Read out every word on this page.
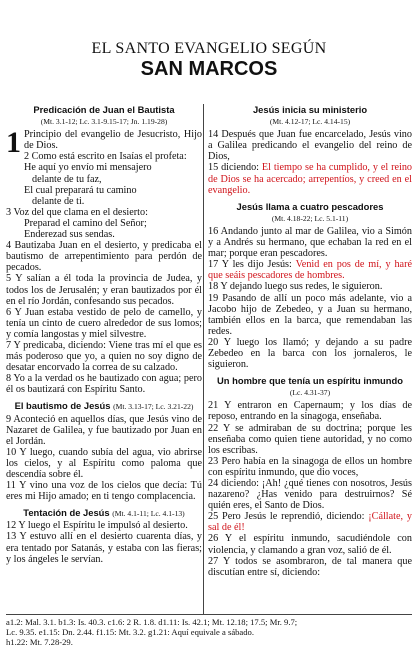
EL SANTO EVANGELIO SEGÚN
SAN MARCOS
Predicación de Juan el Bautista
(Mt. 3.1-12; Lc. 3.1-9.15-17; Jn. 1.19-28)
1 Principio del evangelio de Jesucristo, Hijo de Dios.
2 Como está escrito en Isaías el profeta:
He aquí yo envío mi mensajero
delante de tu faz,
El cual preparará tu camino
delante de ti.
3 Voz del que clama en el desierto:
Preparad el camino del Señor;
Enderezad sus sendas.
4 Bautizaba Juan en el desierto, y predicaba el bautismo de arrepentimiento para perdón de pecados.
5 Y salían a él toda la provincia de Judea, y todos los de Jerusalén; y eran bautizados por él en el río Jordán, confesando sus pecados.
6 Y Juan estaba vestido de pelo de camello, y tenía un cinto de cuero alrededor de sus lomos; y comía langostas y miel silvestre.
7 Y predicaba, diciendo: Viene tras mí el que es más poderoso que yo, a quien no soy digno de desatar encorvado la correa de su calzado.
8 Yo a la verdad os he bautizado con agua; pero él os bautizará con Espíritu Santo.
El bautismo de Jesús (Mt. 3.13-17; Lc. 3.21-22)
9 Aconteció en aquellos días, que Jesús vino de Nazaret de Galilea, y fue bautizado por Juan en el Jordán.
10 Y luego, cuando subía del agua, vio abrirse los cielos, y al Espíritu como paloma que descendía sobre él.
11 Y vino una voz de los cielos que decía: Tú eres mi Hijo amado; en ti tengo complacencia.
Tentación de Jesús (Mt. 4.1-11; Lc. 4.1-13)
12 Y luego el Espíritu le impulsó al desierto.
13 Y estuvo allí en el desierto cuarenta días, y era tentado por Satanás, y estaba con las fieras; y los ángeles le servían.
Jesús inicia su ministerio
(Mt. 4.12-17; Lc. 4.14-15)
14 Después que Juan fue encarcelado, Jesús vino a Galilea predicando el evangelio del reino de Dios,
15 diciendo: El tiempo se ha cumplido, y el reino de Dios se ha acercado; arrepentíos, y creed en el evangelio.
Jesús llama a cuatro pescadores
(Mt. 4.18-22; Lc. 5.1-11)
16 Andando junto al mar de Galilea, vio a Simón y a Andrés su hermano, que echaban la red en el mar; porque eran pescadores.
17 Y les dijo Jesús: Venid en pos de mí, y haré que seáis pescadores de hombres.
18 Y dejando luego sus redes, le siguieron.
19 Pasando de allí un poco más adelante, vio a Jacobo hijo de Zebedeo, y a Juan su hermano, también ellos en la barca, que remendaban las redes.
20 Y luego los llamó; y dejando a su padre Zebedeo en la barca con los jornaleros, le siguieron.
Un hombre que tenía un espíritu inmundo
(Lc. 4.31-37)
21 Y entraron en Capernaum; y los días de reposo, entrando en la sinagoga, enseñaba.
22 Y se admiraban de su doctrina; porque les enseñaba como quien tiene autoridad, y no como los escribas.
23 Pero había en la sinagoga de ellos un hombre con espíritu inmundo, que dio voces,
24 diciendo: ¡Ah! ¿qué tienes con nosotros, Jesús nazareno? ¿Has venido para destruirnos? Sé quién eres, el Santo de Dios.
25 Pero Jesús le reprendió, diciendo: ¡Cállate, y sal de él!
26 Y el espíritu inmundo, sacudiéndole con violencia, y clamando a gran voz, salió de él.
27 Y todos se asombraron, de tal manera que discutían entre sí, diciendo:
a1.2: Mal. 3.1. b1.3: Is. 40.3. c1.6: 2 R. 1.8. d1.11: Is. 42.1; Mt. 12.18; 17.5; Mr. 9.7;
Lc. 9.35. e1.15: Dn. 2.44. f1.15: Mt. 3.2. g1.21: Aquí equivale a sábado.
h1.22: Mt. 7.28-29.
